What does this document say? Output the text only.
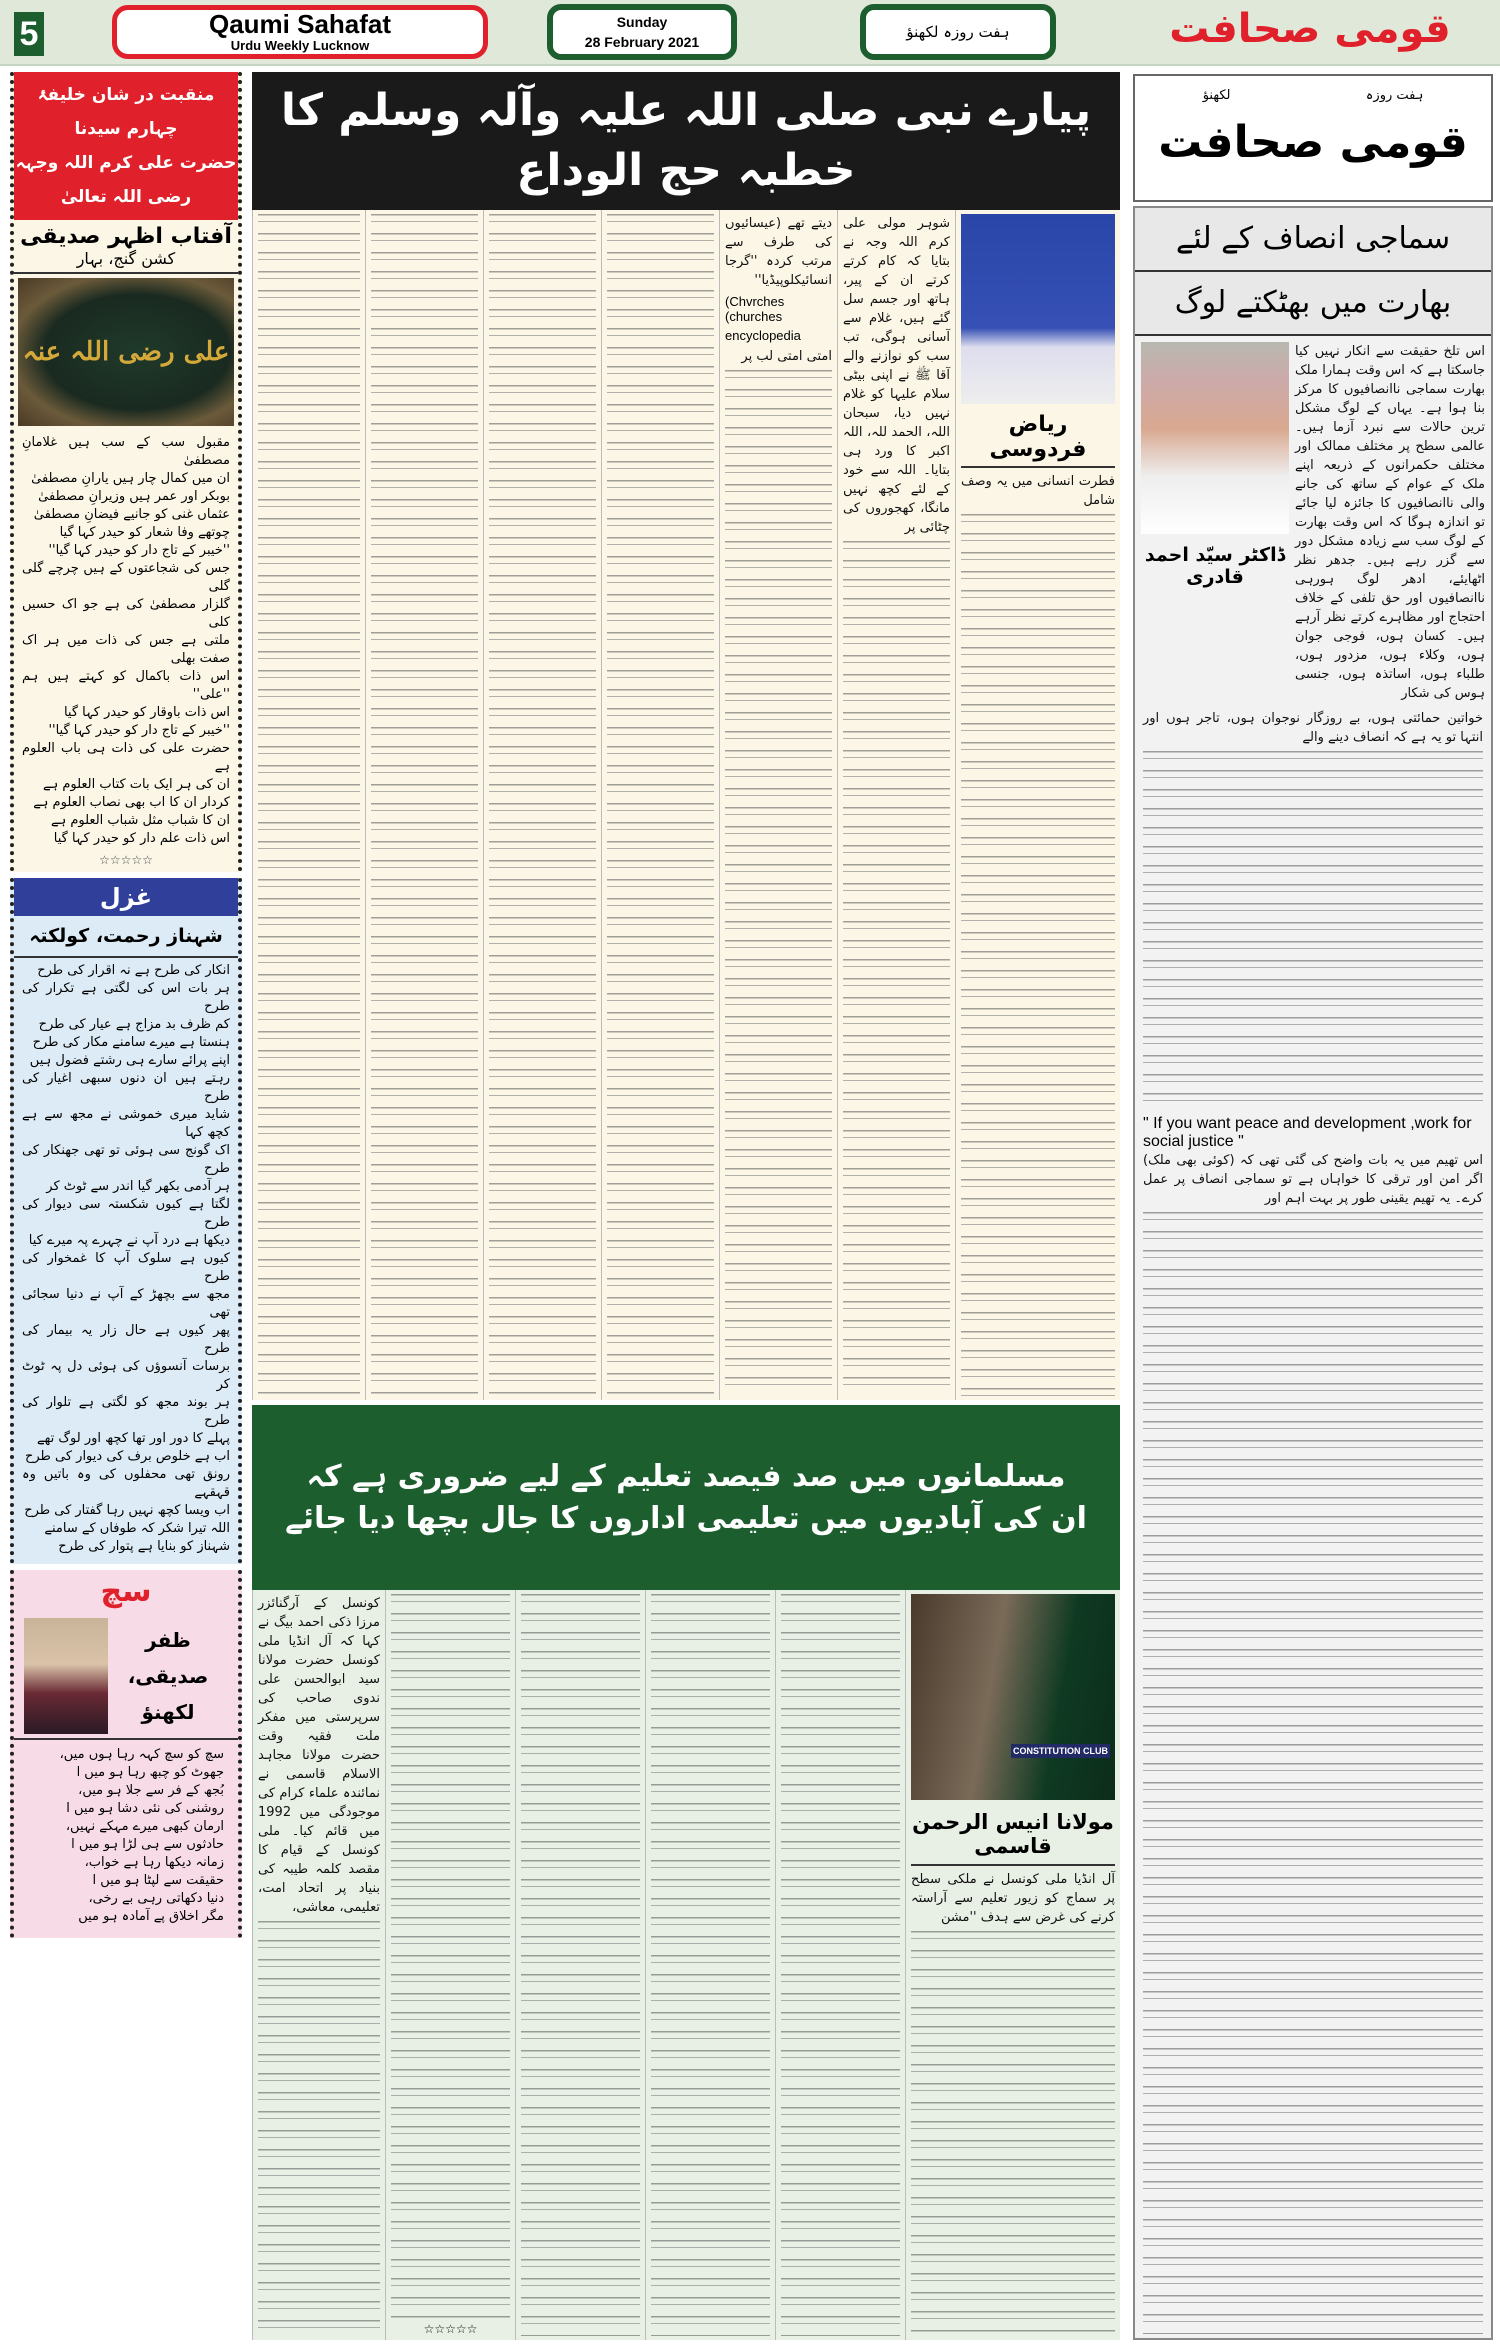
5	Qaumi Sahafat
Urdu Weekly Lucknow
Sunday
28 February 2021
ہفت روزہ لکھنؤ	قومی صحافت
منقبت در شان خلیفۂ چہارم سیدنا
حضرت علی کرم اللہ وجہہ رضی اللہ تعالیٰ
آفتاب اظہر صدیقی
کشن گنج، بہار
علی رضی اللہ عنہ

مقبول سب کے سب ہیں غلامانِ مصطفیٰ

ان میں کمال چار ہیں یارانِ مصطفیٰ

بوبکر اور عمر ہیں وزیرانِ مصطفیٰ

عثماں غنی کو جانیے فیضانِ مصطفیٰ

چوتھے وفا شعار کو حیدر کہا گیا

''خیبر کے تاج دار کو حیدر کہا گیا''

جس کی شجاعتوں کے ہیں چرچے گلی گلی

گلزار مصطفیٰ کی ہے جو اک حسیں کلی

ملتی ہے جس کی ذات میں ہر اک صفت بھلی

اس ذات باکمال کو کہتے ہیں ہم ''علی''

اس ذات باوقار کو حیدر کہا گیا

''خیبر کے تاج دار کو حیدر کہا گیا''

حضرت علی کی ذات ہی باب العلوم ہے

ان کی ہر ایک بات کتاب العلوم ہے

کردار ان کا اب بھی نصاب العلوم ہے

ان کا شباب مثل شباب العلوم ہے

اس ذات علم دار کو حیدر کہا گیا

☆☆☆☆☆
غزل
شہناز رحمت، کولکتہ

انکار کی طرح ہے نہ اقرار کی طرح

ہر بات اس کی لگتی ہے تکرار کی طرح

کم ظرف بد مزاج ہے عیار کی طرح

ہنستا ہے میرے سامنے مکار کی طرح

اپنے پرائے سارے ہی رشتے فضول ہیں

رہتے ہیں ان دنوں سبھی اغیار کی طرح

شاید میری خموشی نے مجھ سے ہے کچھ کہا

اک گونج سی ہوئی تو تھی جھنکار کی طرح

ہر آدمی بکھر گیا اندر سے ٹوٹ کر

لگتا ہے کیوں شکستہ سی دیوار کی طرح

دیکھا ہے درد آپ نے چہرے پہ میرے کیا

کیوں ہے سلوک آپ کا غمخوار کی طرح

مجھ سے بچھڑ کے آپ نے دنیا سجائی تھی

پھر کیوں ہے حال زار یہ بیمار کی طرح

برسات آنسوؤں کی ہوئی دل پہ ٹوٹ کر

ہر بوند مجھ کو لگتی ہے تلوار کی طرح

پہلے کا دور اور تھا کچھ اور لوگ تھے

اب ہے خلوص برف کی دیوار کی طرح

رونق تھی محفلوں کی وہ باتیں وہ قہقہے

اب ویسا کچھ نہیں رہا گفتار کی طرح

اللہ تیرا شکر کہ طوفاں کے سامنے

شہناز کو بنایا ہے پتوار کی طرح

سچ
ظفر
صدیقی، لکھنؤ

سچ کو سچ کہہ رہا ہوں میں،

جھوٹ کو چبھ رہا ہو میں ا

بُجھ کے فر سے جلا ہو میں،

روشنی کی نئی دشا ہو میں ا

ارمان کبھی میرے مہکے نہیں،

حادثوں سے ہی لڑا ہو میں ا

زمانہ دیکھا رہا ہے خواب،

حقیقت سے لپٹا ہو میں ا

دنیا دکھاتی رہی بے رخی،

مگر اخلاق پے آمادہ ہو میں

پیارے نبی صلی اللہ علیہ وآلہ وسلم کا خطبہ حج الوداع
ریاض فردوسی
فطرت انسانی میں یہ وصف شامل
شوہر مولی علی کرم اللہ وجہ نے بتایا کہ کام کرتے کرتے ان کے پیر، ہاتھ اور جسم سل گئے ہیں، غلام سے آسانی ہوگی، تب سب کو نوازنے والے آقا ﷺ نے اپنی بیٹی سلام علیہا کو غلام نہیں دیا، سبحان اللہ، الحمد للہ، اللہ اکبر کا ورد ہی بتایا۔ اللہ سے خود کے لئے کچھ نہیں مانگا، کھجوروں کی چٹائی پر
دیتے تھے (عیسائیوں کی طرف سے مرتب کردہ ''گرجا انسائیکلوپیڈیا''
(Chvrches (churches
encyclopedia
امتی امتی لب پر
مسلمانوں میں صد فیصد تعلیم کے لیے ضروری ہے کہ
ان کی آبادیوں میں تعلیمی اداروں کا جال بچھا دیا جائے
CONSTITUTION CLUB
مولانا انیس الرحمن قاسمی
آل انڈیا ملی کونسل نے ملکی سطح پر سماج کو زیور تعلیم سے آراستہ کرنے کی غرض سے ہدف ''مشن
☆☆☆☆☆
کونسل کے آرگنائزر مرزا ذکی احمد بیگ نے کہا کہ آل انڈیا ملی کونسل حضرت مولانا سید ابوالحسن علی ندوی صاحب کی سرپرستی میں مفکر ملت فقیہ وقت حضرت مولانا مجاہد الاسلام قاسمی نے نمائندہ علماء کرام کی موجودگی میں 1992 میں قائم کیا۔ ملی کونسل کے قیام کا مقصد کلمہ طیبہ کی بنیاد پر اتحاد امت، تعلیمی، معاشی،
ہفت روزہ
لکھنؤ
قومی صحافت
سماجی انصاف کے لئے
بھارت میں بھٹکتے لوگ
اس تلخ حقیقت سے انکار نہیں کیا جاسکتا ہے کہ اس وقت ہمارا ملک بھارت سماجی ناانصافیوں کا مرکز بنا ہوا ہے۔ یہاں کے لوگ مشکل ترین حالات سے نبرد آزما ہیں۔ عالمی سطح پر مختلف ممالک اور مختلف حکمرانوں کے ذریعہ اپنے ملک کے عوام کے ساتھ کی جانے والی ناانصافیوں کا جائزہ لیا جائے تو اندازہ ہوگا کہ اس وقت بھارت کے لوگ سب سے زیادہ مشکل دور سے گزر رہے ہیں۔ جدھر نظر اٹھایئے، ادھر لوگ ہورہی ناانصافیوں اور حق تلفی کے خلاف احتجاج اور مظاہرے کرتے نظر آرہے ہیں۔ کسان ہوں، فوجی جوان ہوں، وکلاء ہوں، مزدور ہوں، طلباء ہوں، اساتذہ ہوں، جنسی ہوس کی شکار
ڈاکٹر سیّد احمد قادری
خواتین حمائتی ہوں، بے روزگار نوجوان ہوں، تاجر ہوں اور انتہا تو یہ ہے کہ انصاف دینے والے
" If you want peace and development ,work for
social justice "
اس تھیم میں یہ بات واضح کی گئی تھی کہ (کوئی بھی ملک) اگر امن اور ترقی کا خواہاں ہے تو سماجی انصاف پر عمل کرے۔ یہ تھیم یقینی طور پر بہت اہم اور
